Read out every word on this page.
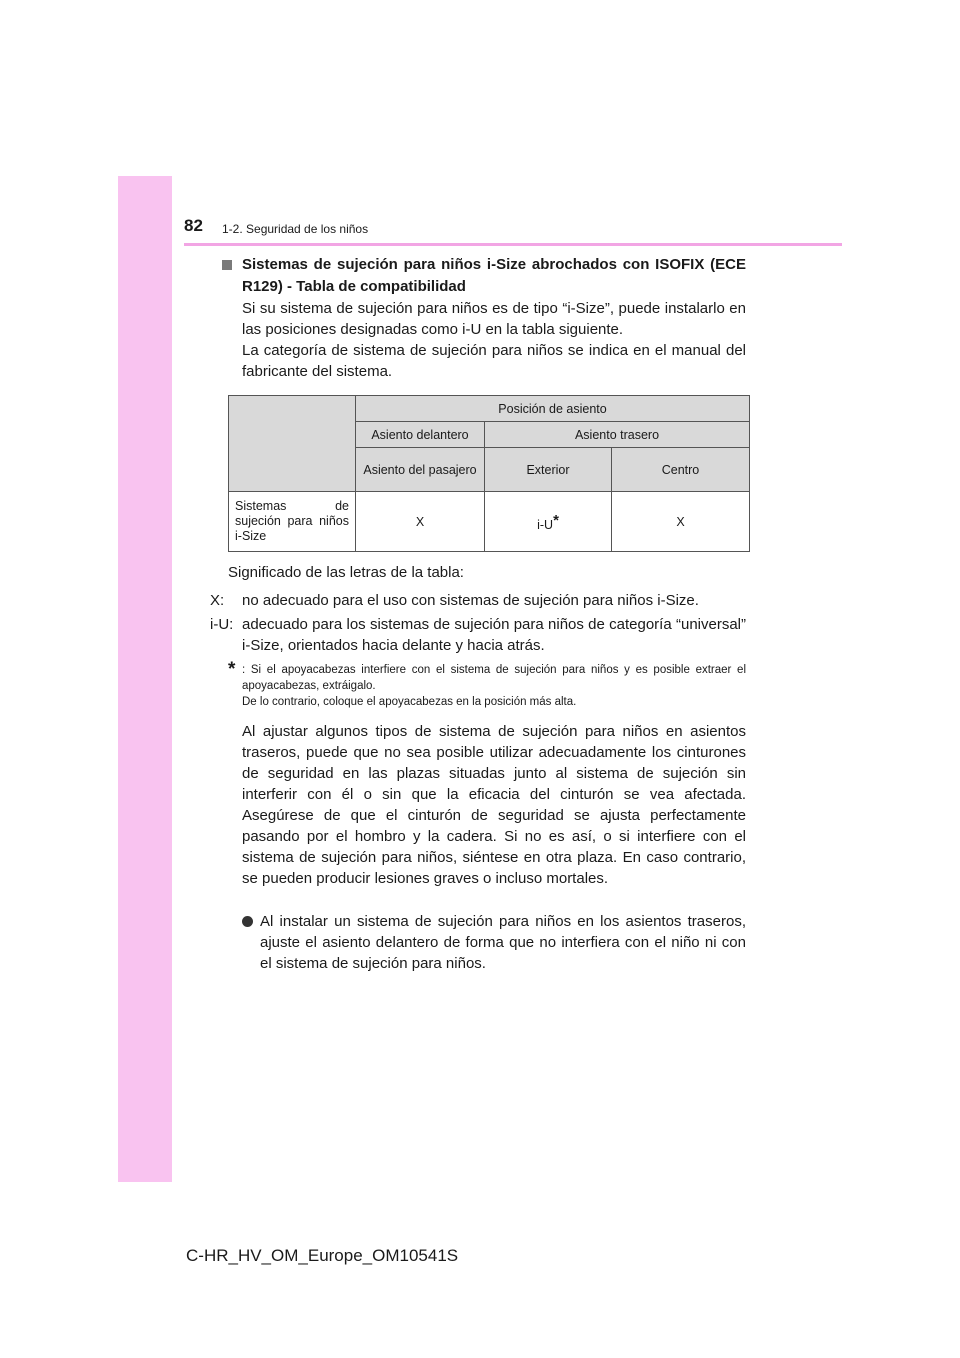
82 1-2. Seguridad de los niños
Sistemas de sujeción para niños i-Size abrochados con ISOFIX (ECE R129) - Tabla de compatibilidad
Si su sistema de sujeción para niños es de tipo “i-Size”, puede instalarlo en las posiciones designadas como i-U en la tabla siguiente.
La categoría de sistema de sujeción para niños se indica en el manual del fabricante del sistema.
	Posición de asiento		
	Asiento delantero	Asiento trasero	
	Asiento del pasajero	Exterior	Centro
Sistemas de sujeción para niños i-Size	X	i-U*	X
Significado de las letras de la tabla:
X: no adecuado para el uso con sistemas de sujeción para niños i-Size.
i-U: adecuado para los sistemas de sujeción para niños de categoría “universal” i-Size, orientados hacia delante y hacia atrás.
* : Si el apoyacabezas interfiere con el sistema de sujeción para niños y es posible extraer el apoyacabezas, extráigalo.
De lo contrario, coloque el apoyacabezas en la posición más alta.
Al ajustar algunos tipos de sistema de sujeción para niños en asientos traseros, puede que no sea posible utilizar adecuadamente los cinturones de seguridad en las plazas situadas junto al sistema de sujeción sin interferir con él o sin que la eficacia del cinturón se vea afectada. Asegúrese de que el cinturón de seguridad se ajusta perfectamente pasando por el hombro y la cadera. Si no es así, o si interfiere con el sistema de sujeción para niños, siéntese en otra plaza. En caso contrario, se pueden producir lesiones graves o incluso mortales.
Al instalar un sistema de sujeción para niños en los asientos traseros, ajuste el asiento delantero de forma que no interfiera con el niño ni con el sistema de sujeción para niños.
C-HR_HV_OM_Europe_OM10541S
